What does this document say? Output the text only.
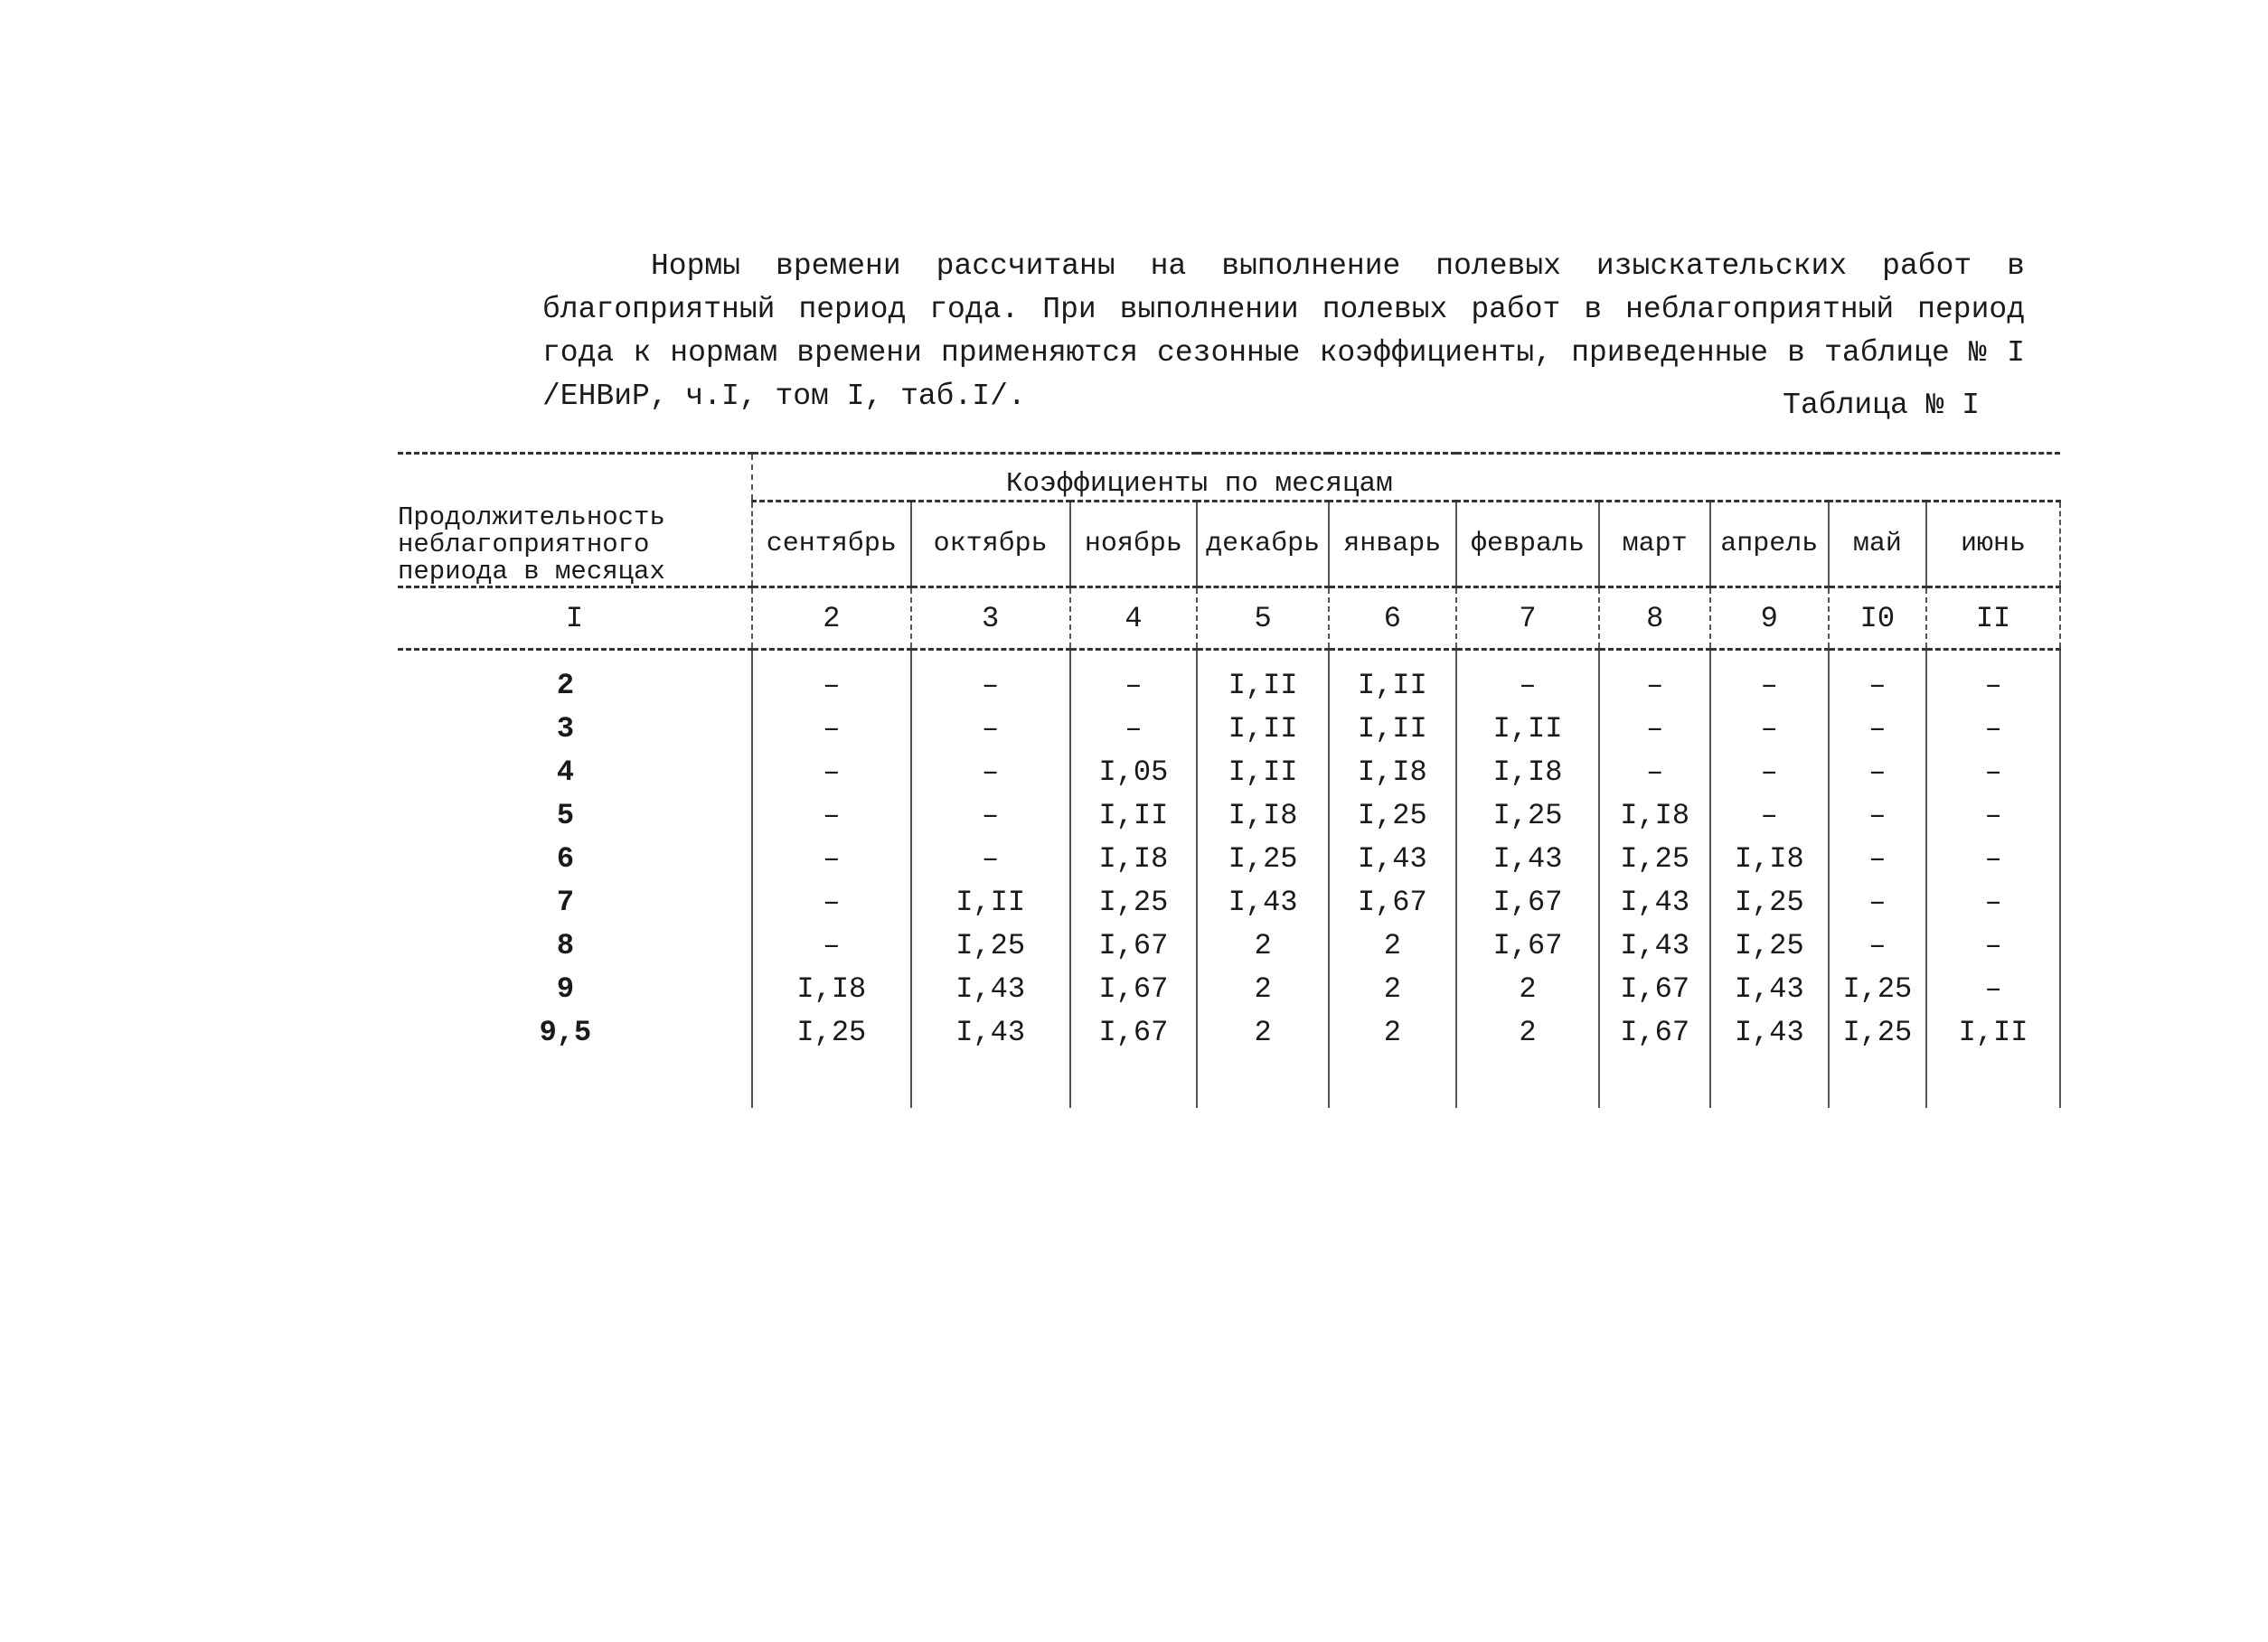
Нормы времени рассчитаны на выполнение полевых изыскательских работ в благоприятный период года. При выполнении полевых работ в неблагоприятный период года к нормам времени применяются сезонные коэффициенты, приведенные в таблице № I /ЕНВиР, ч.I, том I, таб.I/.	Таблица № I
Продолжительность неблагоприятного периода в месяцах	Коэффициенты по месяцам									
	сентябрь	октябрь	ноябрь	декабрь	январь	февраль	март	апрель	май	июнь
I	2	3	4	5	6	7	8	9	I0	II
2	–	–	–	I,II	I,II	–	–	–	–	–
3	–	–	–	I,II	I,II	I,II	–	–	–	–
4	–	–	I,05	I,II	I,I8	I,I8	–	–	–	–
5	–	–	I,II	I,I8	I,25	I,25	I,I8	–	–	–
6	–	–	I,I8	I,25	I,43	I,43	I,25	I,I8	–	–
7	–	I,II	I,25	I,43	I,67	I,67	I,43	I,25	–	–
8	–	I,25	I,67	2	2	I,67	I,43	I,25	–	–
9	I,I8	I,43	I,67	2	2	2	I,67	I,43	I,25	–
9,5	I,25	I,43	I,67	2	2	2	I,67	I,43	I,25	I,II
